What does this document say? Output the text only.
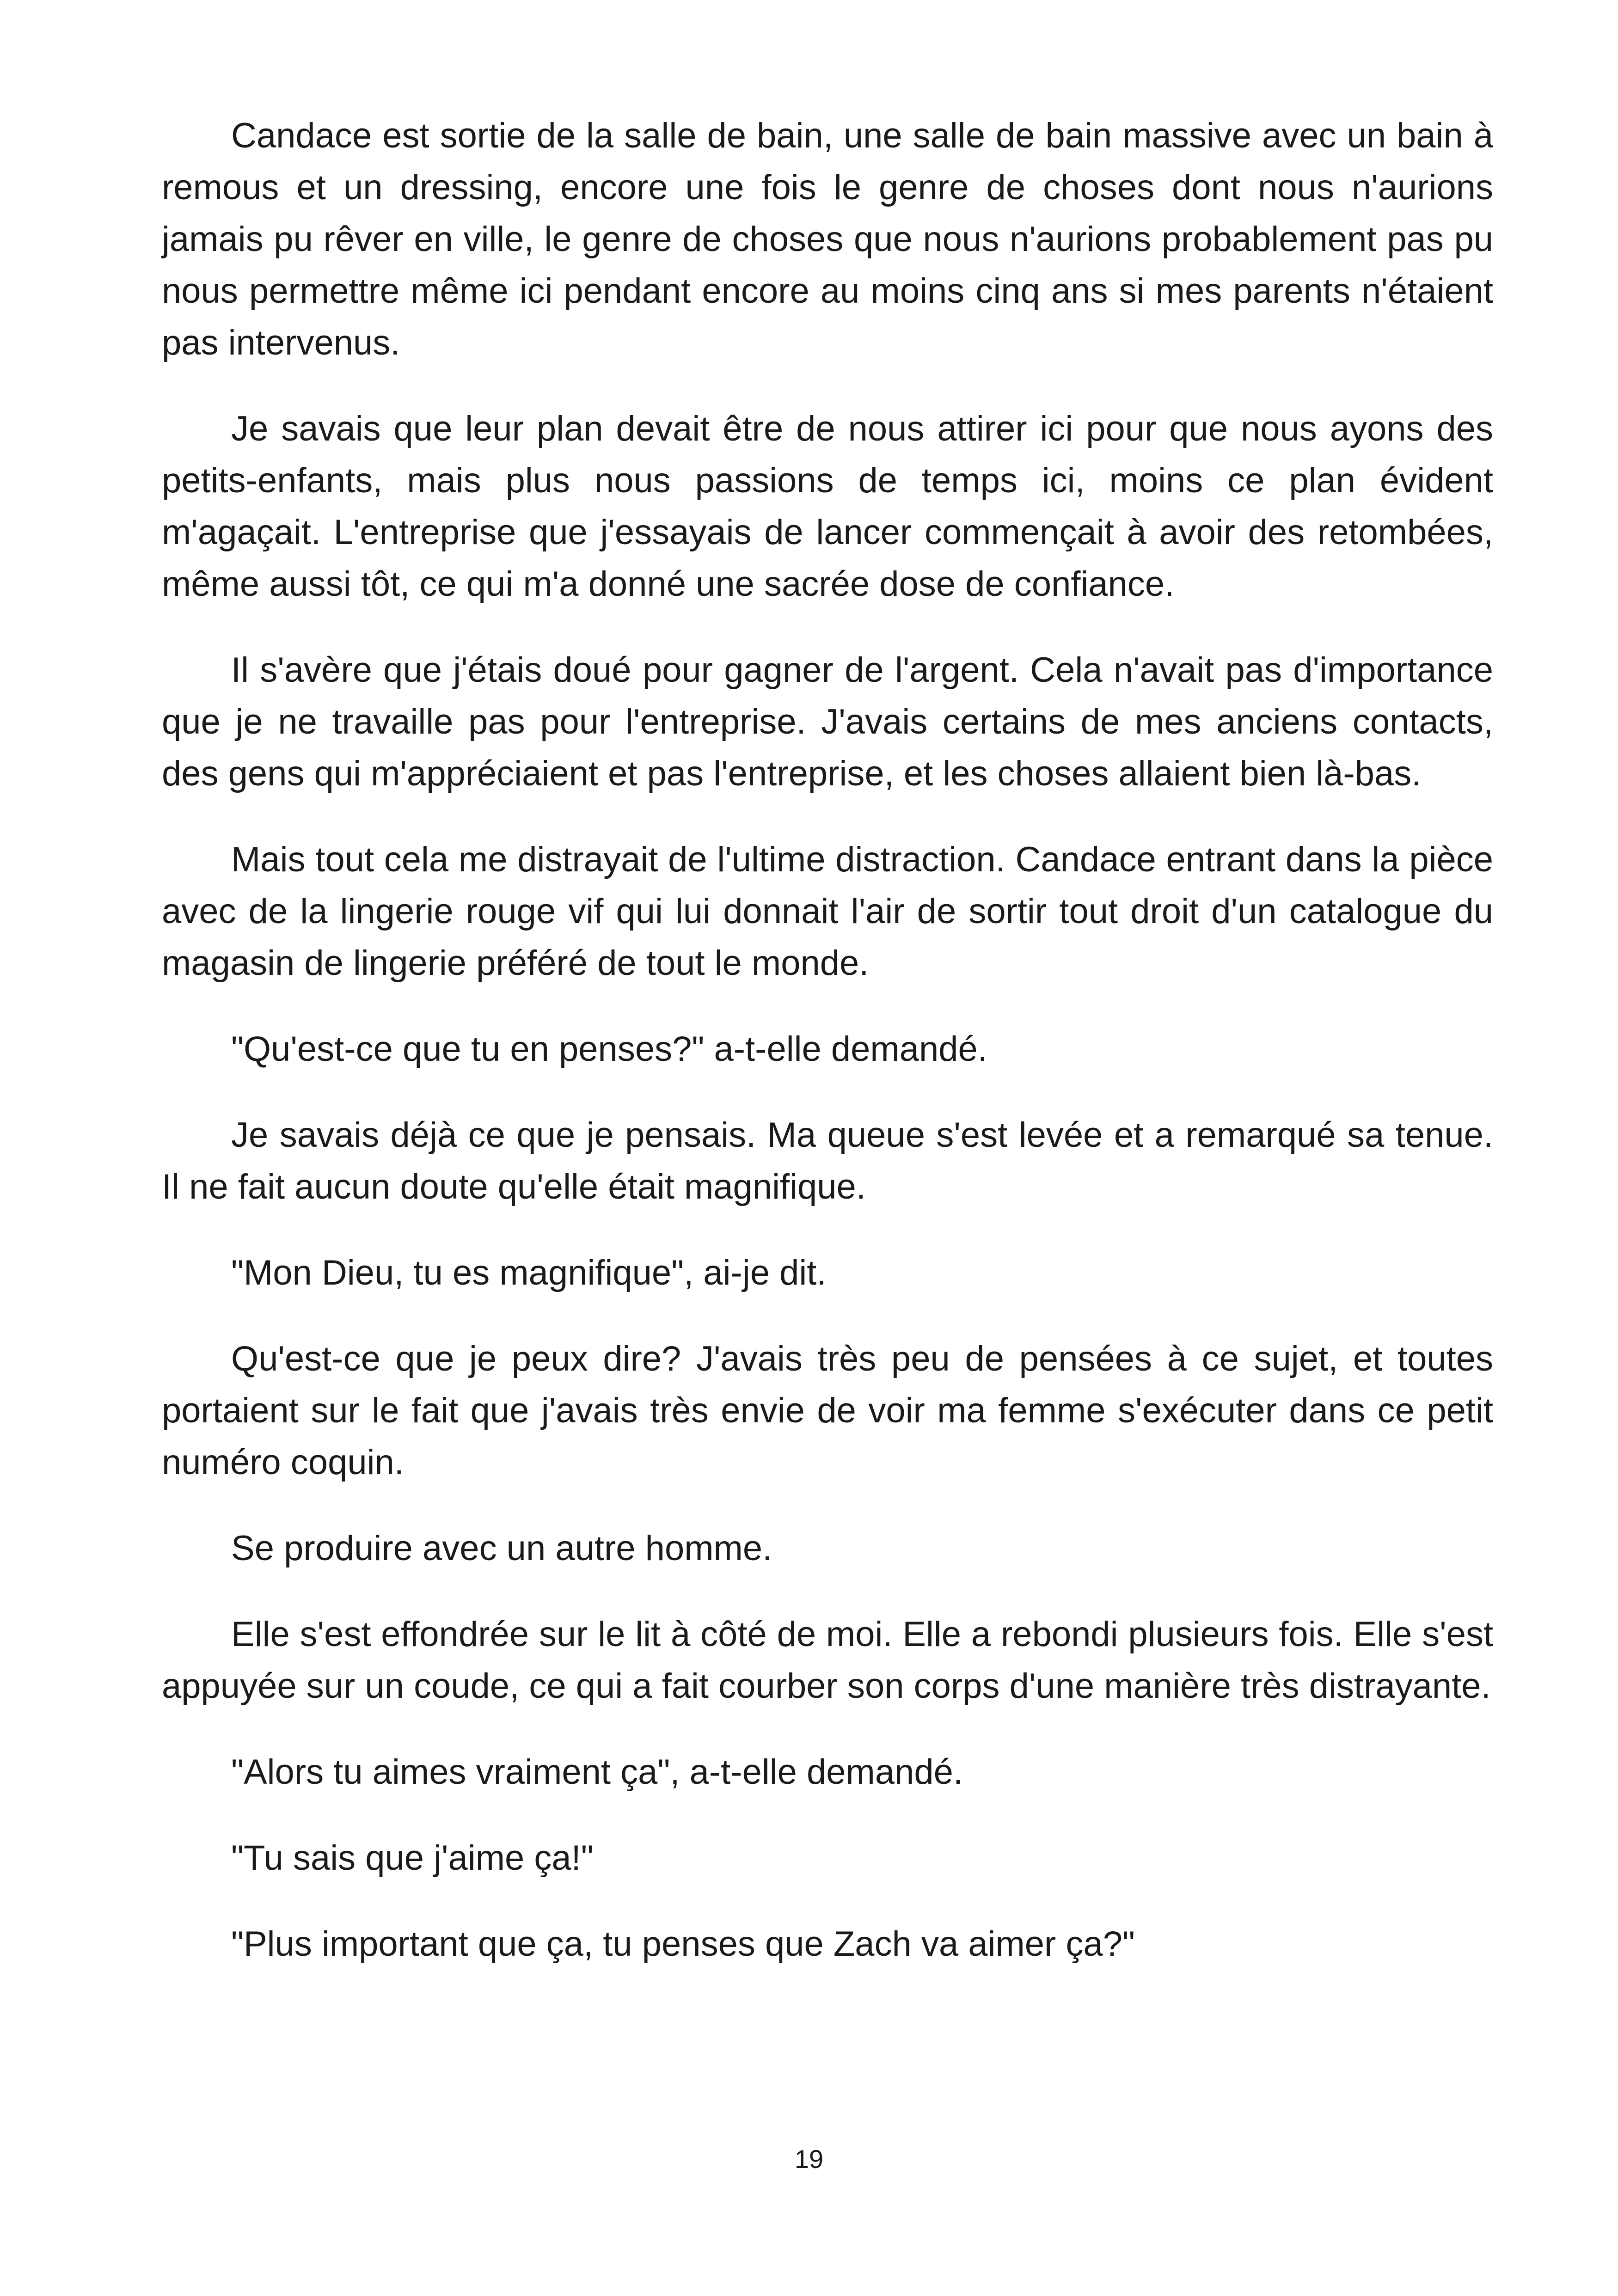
Candace est sortie de la salle de bain, une salle de bain massive avec un bain à remous et un dressing, encore une fois le genre de choses dont nous n'aurions jamais pu rêver en ville, le genre de choses que nous n'aurions probablement pas pu nous permettre même ici pendant encore au moins cinq ans si mes parents n'étaient pas intervenus.

Je savais que leur plan devait être de nous attirer ici pour que nous ayons des petits-enfants, mais plus nous passions de temps ici, moins ce plan évident m'agaçait. L'entreprise que j'essayais de lancer commençait à avoir des retombées, même aussi tôt, ce qui m'a donné une sacrée dose de confiance.

Il s'avère que j'étais doué pour gagner de l'argent. Cela n'avait pas d'importance que je ne travaille pas pour l'entreprise. J'avais certains de mes anciens contacts, des gens qui m'appréciaient et pas l'entreprise, et les choses allaient bien là-bas.

Mais tout cela me distrayait de l'ultime distraction. Candace entrant dans la pièce avec de la lingerie rouge vif qui lui donnait l'air de sortir tout droit d'un catalogue du magasin de lingerie préféré de tout le monde.

"Qu'est-ce que tu en penses?" a-t-elle demandé.

Je savais déjà ce que je pensais. Ma queue s'est levée et a remarqué sa tenue. Il ne fait aucun doute qu'elle était magnifique.

"Mon Dieu, tu es magnifique", ai-je dit.

Qu'est-ce que je peux dire? J'avais très peu de pensées à ce sujet, et toutes portaient sur le fait que j'avais très envie de voir ma femme s'exécuter dans ce petit numéro coquin.

Se produire avec un autre homme.

Elle s'est effondrée sur le lit à côté de moi. Elle a rebondi plusieurs fois. Elle s'est appuyée sur un coude, ce qui a fait courber son corps d'une manière très distrayante.

"Alors tu aimes vraiment ça", a-t-elle demandé.

"Tu sais que j'aime ça!"

"Plus important que ça, tu penses que Zach va aimer ça?"

19
